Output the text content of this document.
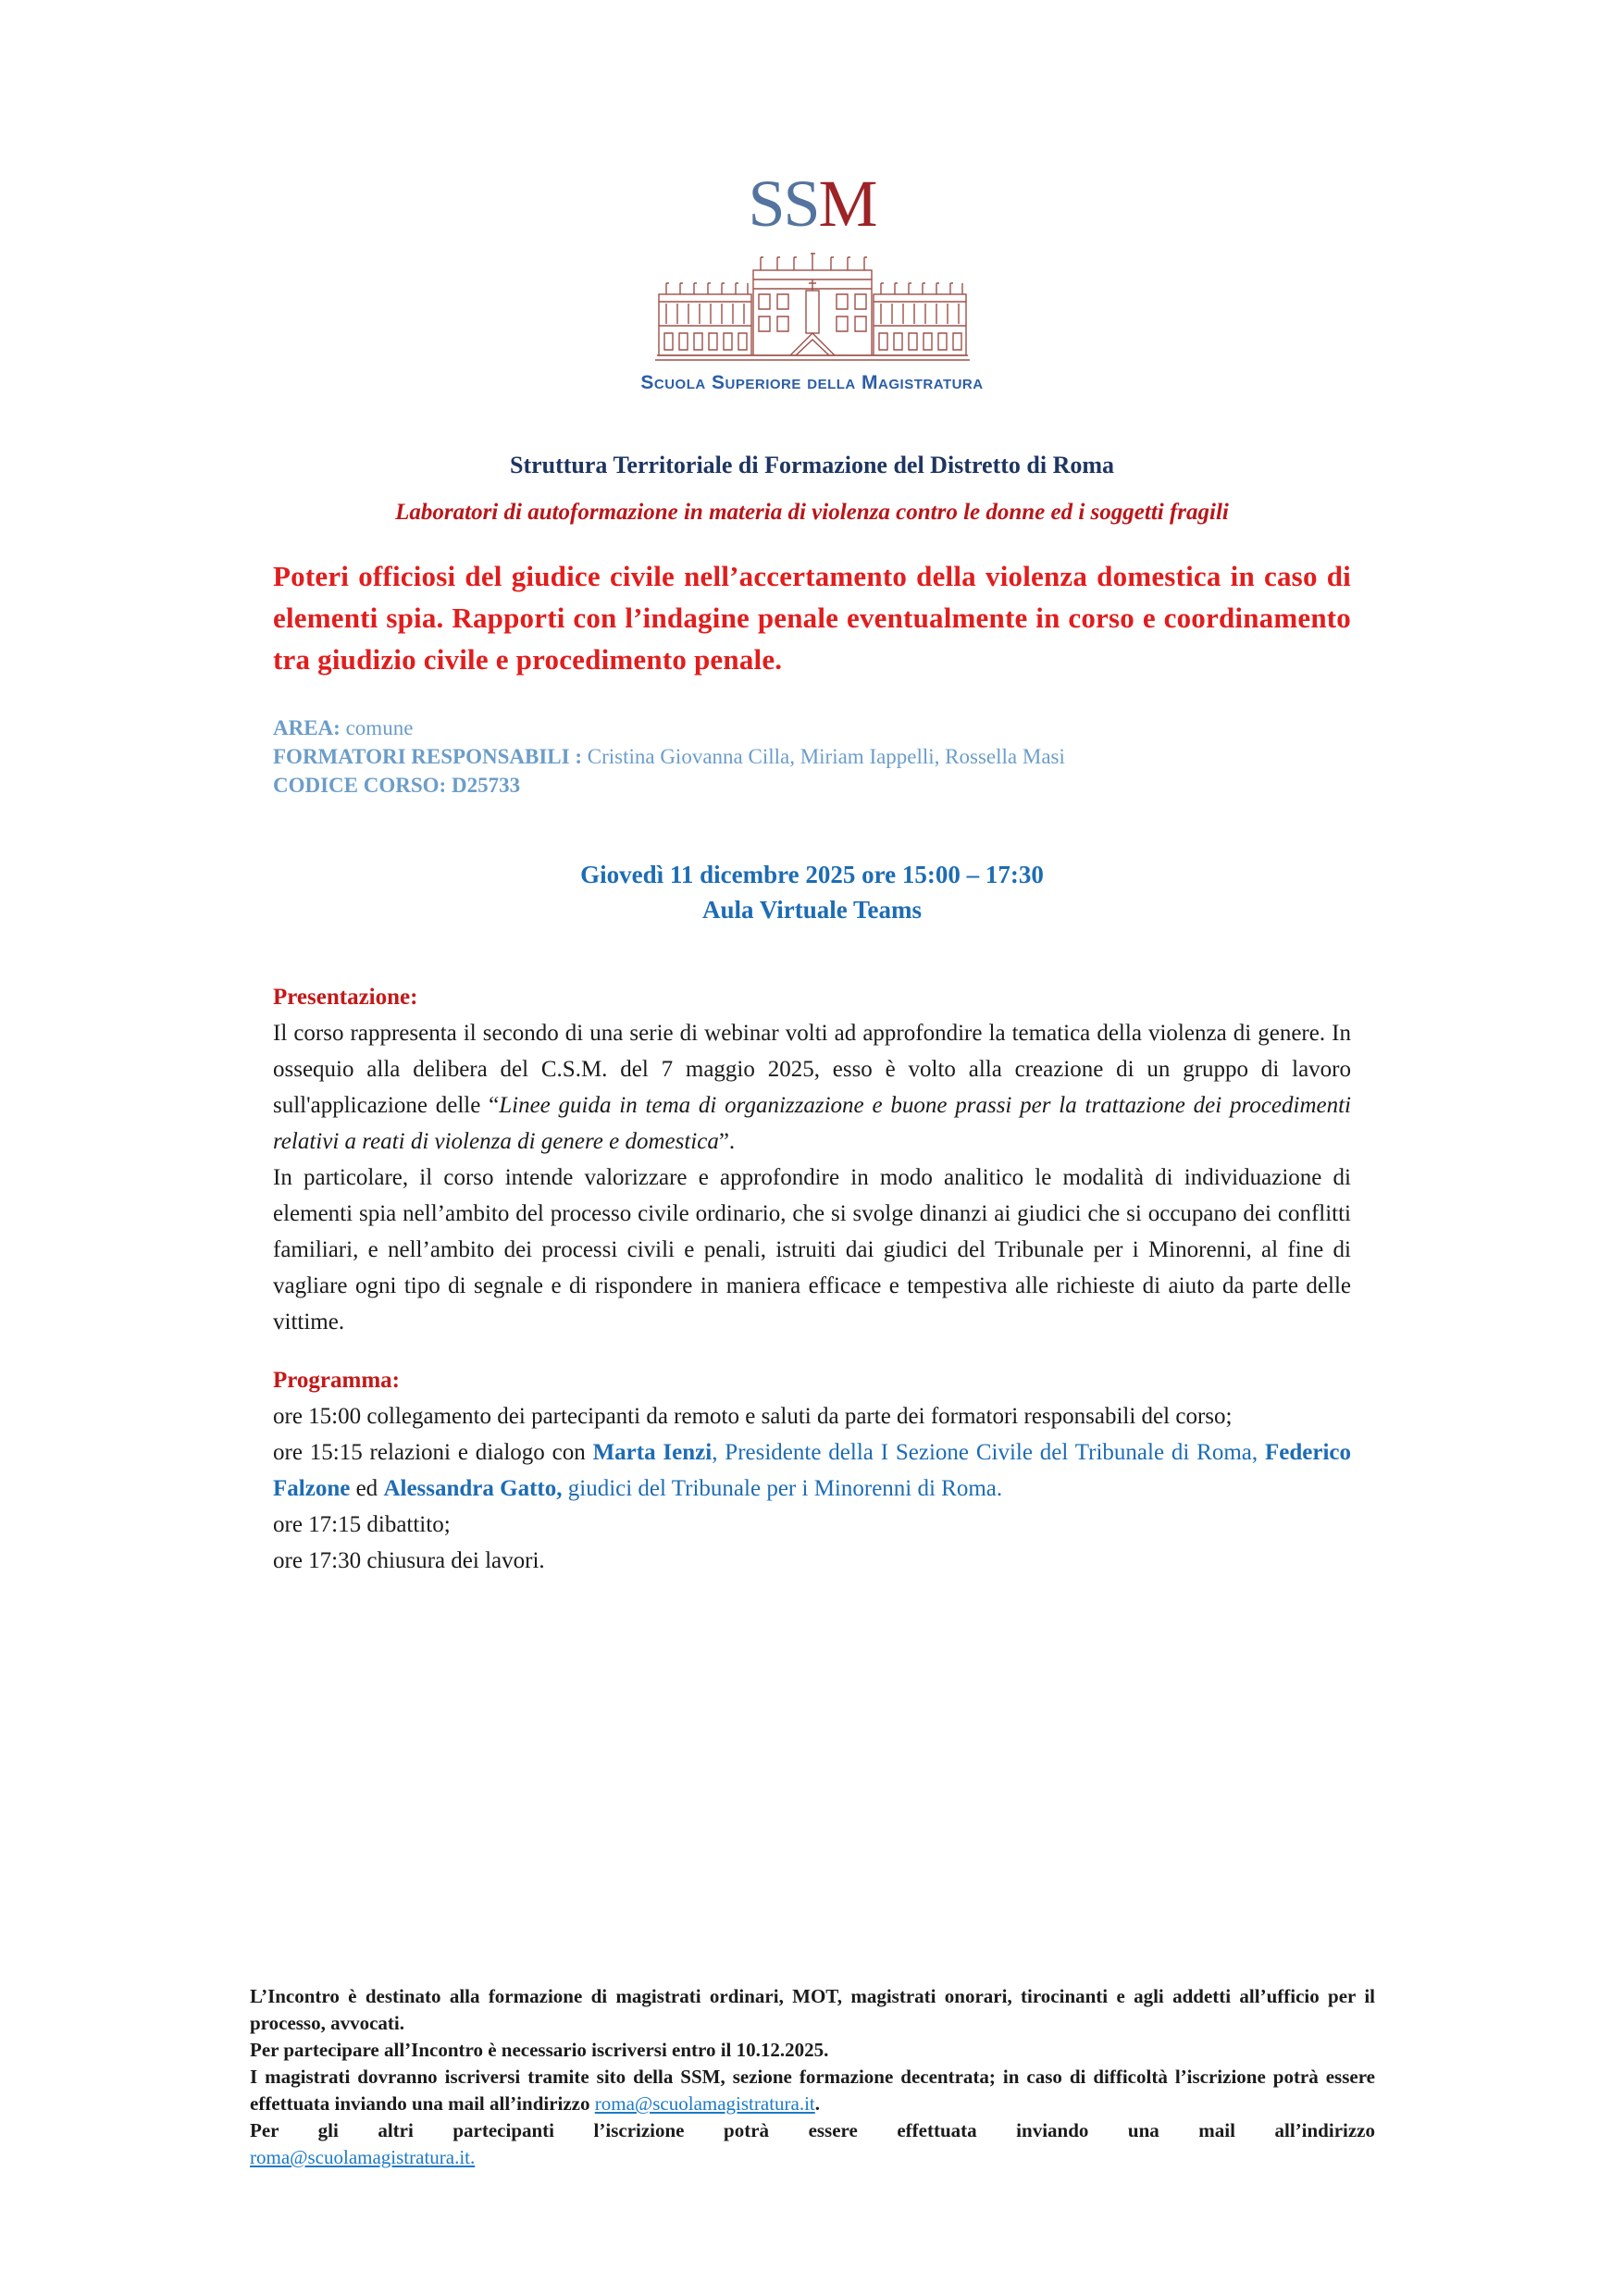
SSM
Scuola Superiore della Magistratura
Struttura Territoriale di Formazione del Distretto di Roma
Laboratori di autoformazione in materia di violenza contro le donne ed i soggetti fragili
Poteri officiosi del giudice civile nell’accertamento della violenza domestica in caso di elementi spia. Rapporti con l’indagine penale eventualmente in corso e coordinamento tra giudizio civile e procedimento penale.
AREA: comune
FORMATORI RESPONSABILI : Cristina Giovanna Cilla, Miriam Iappelli, Rossella Masi
CODICE CORSO: D25733
Giovedì 11 dicembre 2025 ore 15:00 – 17:30
Aula Virtuale Teams
Presentazione:

Il corso rappresenta il secondo di una serie di webinar volti ad approfondire la tematica della violenza di genere. In ossequio alla delibera del C.S.M. del 7 maggio 2025, esso è volto alla creazione di un gruppo di lavoro sull'applicazione delle “Linee guida in tema di organizzazione e buone prassi per la trattazione dei procedimenti relativi a reati di violenza di genere e domestica”.

In particolare, il corso intende valorizzare e approfondire in modo analitico le modalità di individuazione di elementi spia nell’ambito del processo civile ordinario, che si svolge dinanzi ai giudici che si occupano dei conflitti familiari, e nell’ambito dei processi civili e penali, istruiti dai giudici del Tribunale per i Minorenni, al fine di vagliare ogni tipo di segnale e di rispondere in maniera efficace e tempestiva alle richieste di aiuto da parte delle vittime.

Programma:

ore 15:00 collegamento dei partecipanti da remoto e saluti da parte dei formatori responsabili del corso;

ore 15:15 relazioni e dialogo con Marta Ienzi, Presidente della I Sezione Civile del Tribunale di Roma, Federico Falzone ed Alessandra Gatto, giudici del Tribunale per i Minorenni di Roma.

ore 17:15 dibattito;

ore 17:30 chiusura dei lavori.

L’Incontro è destinato alla formazione di magistrati ordinari, MOT, magistrati onorari, tirocinanti e agli addetti all’ufficio per il processo, avvocati.

Per partecipare all’Incontro è necessario iscriversi entro il 10.12.2025.

I magistrati dovranno iscriversi tramite sito della SSM, sezione formazione decentrata; in caso di difficoltà l’iscrizione potrà essere effettuata inviando una mail all’indirizzo roma@scuolamagistratura.it.

Per gli altri partecipanti l’iscrizione potrà essere effettuata inviando una mail all’indirizzo

roma@scuolamagistratura.it.
